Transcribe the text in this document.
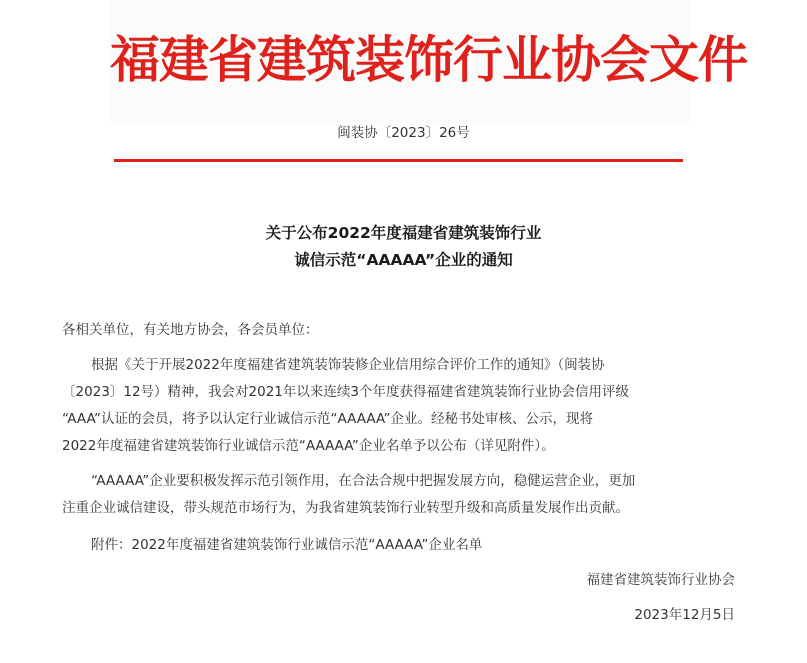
福建省建筑装饰行业协会文件
闽装协〔2023〕26号
关于公布2022年度福建省建筑装饰行业
诚信示范“AAAAA”企业的通知
各相关单位，有关地方协会，各会员单位：
根据《关于开展2022年度福建省建筑装饰装修企业信用综合评价工作的通知》（闽装协
〔2023〕12号）精神，我会对2021年以来连续3个年度获得福建省建筑装饰行业协会信用评级
“AAA”认证的会员，将予以认定行业诚信示范“AAAAA”企业。经秘书处审核、公示，现将
2022年度福建省建筑装饰行业诚信示范“AAAAA”企业名单予以公布（详见附件）。
“AAAAA”企业要积极发挥示范引领作用，在合法合规中把握发展方向，稳健运营企业，更加
注重企业诚信建设，带头规范市场行为，为我省建筑装饰行业转型升级和高质量发展作出贡献。
附件：2022年度福建省建筑装饰行业诚信示范“AAAAA”企业名单
福建省建筑装饰行业协会
2023年12月5日
